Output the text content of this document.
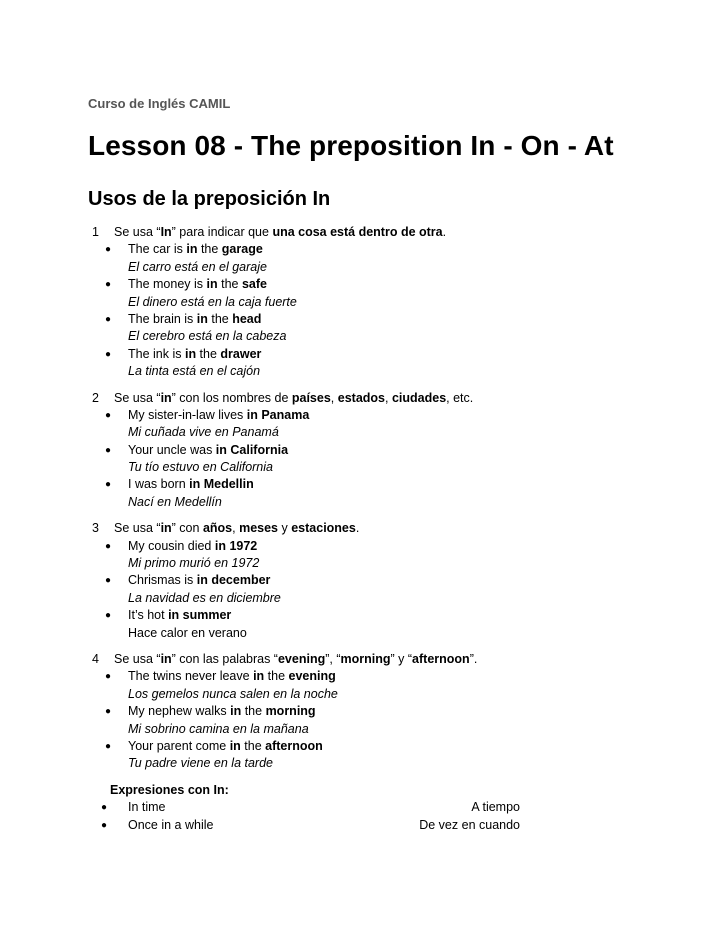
Curso de Inglés CAMIL
Lesson 08 - The preposition In - On - At
Usos de la preposición In
1 Se usa “In” para indicar que una cosa está dentro de otra.
● The car is in the garage
El carro está en el garaje
● The money is in the safe
El dinero está en la caja fuerte
● The brain is in the head
El cerebro está en la cabeza
● The ink is in the drawer
La tinta está en el cajón
2 Se usa “in” con los nombres de países, estados, ciudades, etc.
● My sister-in-law lives in Panama
Mi cuñada vive en Panamá
● Your uncle was in California
Tu tío estuvo en California
● I was born in Medellin
Nací en Medellín
3 Se usa “in” con años, meses y estaciones.
● My cousin died in 1972
Mi primo murió en 1972
● Chrismas is in december
La navidad es en diciembre
● It’s hot in summer
Hace calor en verano
4 Se usa “in” con las palabras “evening”, “morning” y “afternoon”.
● The twins never leave in the evening
Los gemelos nunca salen en la noche
● My nephew walks in the morning
Mi sobrino camina en la mañana
● Your parent come in the afternoon
Tu padre viene en la tarde
Expresiones con In:
● In time	A tiempo
● Once in a while	De vez en cuando
